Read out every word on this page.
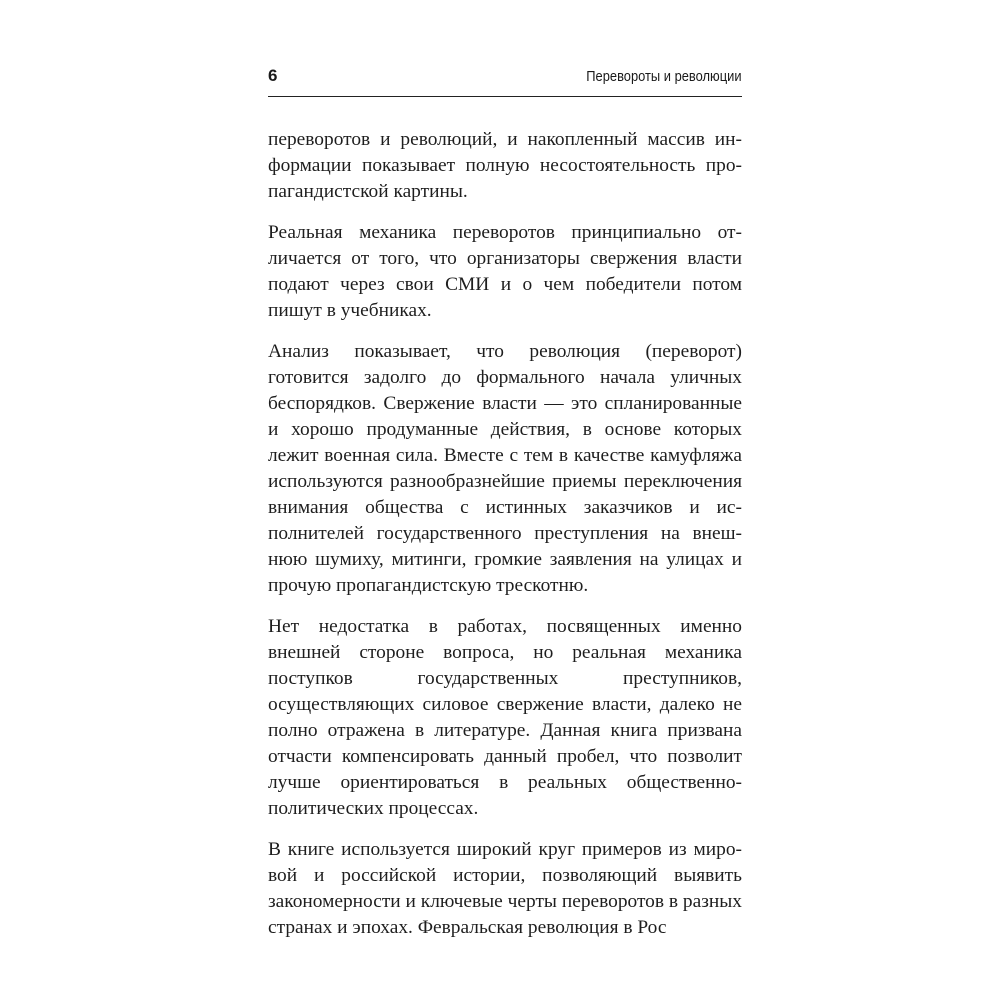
6	Перевороты и революции

переворотов и революций, и накопленный массив информации показывает полную несостоятельность пропагандистской картины.

Реальная механика переворотов принципиально отличается от того, что организаторы свержения власти подают через свои СМИ и о чем победители потом пишут в учебниках.

Анализ показывает, что революция (переворот) готовится задолго до формального начала уличных беспорядков. Свержение власти — это спланированные и хорошо продуманные действия, в основе которых лежит военная сила. Вместе с тем в качестве камуфляжа используются разнообразнейшие приемы переключения внимания общества с истинных заказчиков и исполнителей государственного преступления на внешнюю шумиху, митинги, громкие заявления на улицах и прочую пропагандистскую трескотню.

Нет недостатка в работах, посвященных именно внешней стороне вопроса, но реальная механика поступков государственных преступников, осуществляющих силовое свержение власти, далеко не полно отражена в литературе. Данная книга призвана отчасти компенсировать данный пробел, что позволит лучше ориентироваться в реальных общественно-политических процессах.

В книге используется широкий круг примеров из мировой и российской истории, позволяющий выявить закономерности и ключевые черты переворотов в разных странах и эпохах. Февральская революция в Рос
